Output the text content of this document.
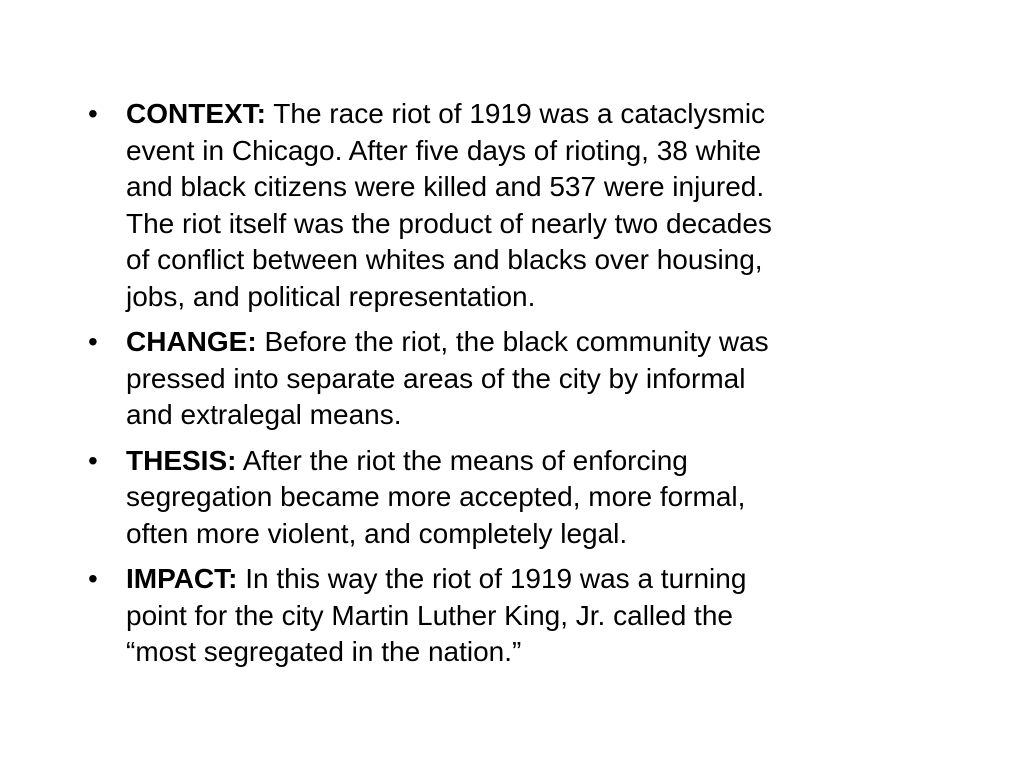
• CONTEXT: The race riot of 1919 was a cataclysmic
event in Chicago. After five days of rioting, 38 white
and black citizens were killed and 537 were injured.
The riot itself was the product of nearly two decades
of conflict between whites and blacks over housing,
jobs, and political representation.
• CHANGE: Before the riot, the black community was
pressed into separate areas of the city by informal
and extralegal means.
• THESIS: After the riot the means of enforcing
segregation became more accepted, more formal,
often more violent, and completely legal.
• IMPACT: In this way the riot of 1919 was a turning
point for the city Martin Luther King, Jr. called the
“most segregated in the nation.”
